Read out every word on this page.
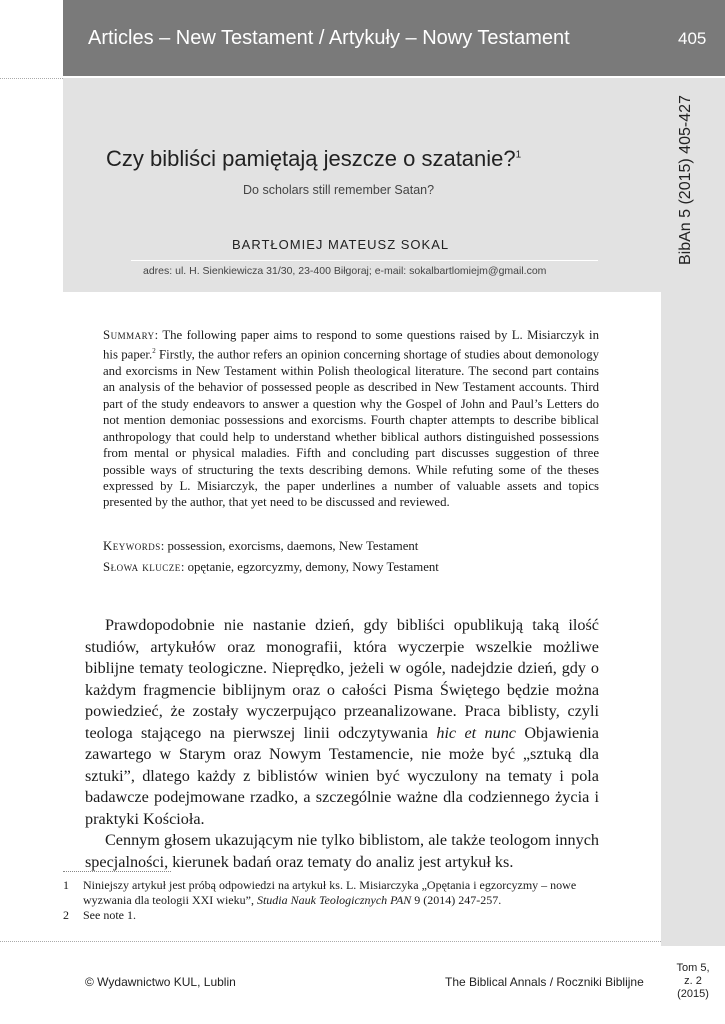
Articles – New Testament / Artykuły – Nowy Testament	405
BibAn 5 (2015) 405-427
Czy bibliści pamiętają jeszcze o szatanie?$^1$
Do scholars still remember Satan?
BARTŁOMIEJ MATEUSZ SOKAL
adres: ul. H. Sienkiewicza 31/30, 23-400 Biłgoraj; e-mail: sokalbartlomiejm@gmail.com
Summary: The following paper aims to respond to some questions raised by L. Misiarczyk in his paper.$^2$ Firstly, the author refers an opinion concerning shortage of studies about demonology and exorcisms in New Testament within Polish theological literature. The second part contains an analysis of the behavior of possessed people as described in New Testament accounts. Third part of the study endeavors to answer a question why the Gospel of John and Paul’s Letters do not mention demoniac possessions and exorcisms. Fourth chapter attempts to describe biblical anthropology that could help to understand whether biblical authors distinguished possessions from mental or physical maladies. Fifth and concluding part discusses suggestion of three possible ways of structuring the texts describing demons. While refuting some of the theses expressed by L. Misiarczyk, the paper underlines a number of valuable assets and topics presented by the author, that yet need to be discussed and reviewed.
Keywords: possession, exorcisms, daemons, New Testament
Słowa klucze: opętanie, egzorcyzmy, demony, Nowy Testament

Prawdopodobnie nie nastanie dzień, gdy bibliści opublikują taką ilość studiów, artykułów oraz monografii, która wyczerpie wszelkie możliwe biblijne tematy teologiczne. Nieprędko, jeżeli w ogóle, nadejdzie dzień, gdy o każdym fragmencie biblijnym oraz o całości Pisma Świętego będzie można powiedzieć, że zostały wyczerpująco przeanalizowane. Praca biblisty, czyli teologa stającego na pierwszej linii odczytywania hic et nunc Objawienia zawartego w Starym oraz Nowym Testamencie, nie może być „sztuką dla sztuki”, dlatego każdy z biblistów winien być wyczulony na tematy i pola badawcze podejmowane rzadko, a szczególnie ważne dla codziennego życia i praktyki Kościoła.

Cennym głosem ukazującym nie tylko biblistom, ale także teologom innych specjalności, kierunek badań oraz tematy do analiz jest artykuł ks.

1	Niniejszy artykuł jest próbą odpowiedzi na artykuł ks. L. Misiarczyka „Opętania i egzorcyzmy – nowe wyzwania dla teologii XXI wieku”, Studia Nauk Teologicznych PAN 9 (2014) 247-257.
2	See note 1.
© Wydawnictwo KUL, Lublin	The Biblical Annals / Roczniki Biblijne
Tom 5,
z. 2
(2015)
